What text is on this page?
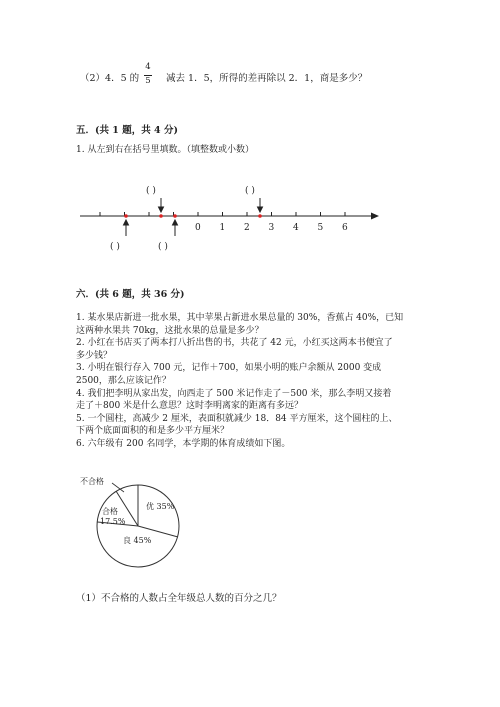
（2）4．5 的
4
5	减去 1．5，所得的差再除以 2．1，商是多少？
五．(共 1 题，共 4 分)
1. 从左到右在括号里填数。（填整数或小数）
0 1 2 3 4 5 6
( )	( )
( )	( )
六．(共 6 题，共 36 分)
1. 某水果店新进一批水果，其中苹果占新进水果总量的 30%，香蕉占 40%，已知
这两种水果共 70kg，这批水果的总量是多少？
2. 小红在书店买了两本打八折出售的书，共花了 42 元，小红买这两本书便宜了
多少钱？
3. 小明在银行存入 700 元，记作＋700，如果小明的账户余额从 2000 变成
2500，那么应该记作？
4. 我们把李明从家出发，向西走了 500 米记作走了－500 米，那么李明又接着
走了＋800 米是什么意思？这时李明离家的距离有多远？
5. 一个圆柱，高减少 2 厘米，表面积就减少 18．84 平方厘米，这个圆柱的上、
下两个底面面积的和是多少平方厘米？
6. 六年级有 200 名同学，本学期的体育成绩如下图。
不合格
合格
17.5%
优 35%
良 45%
（1）不合格的人数占全年级总人数的百分之几？
